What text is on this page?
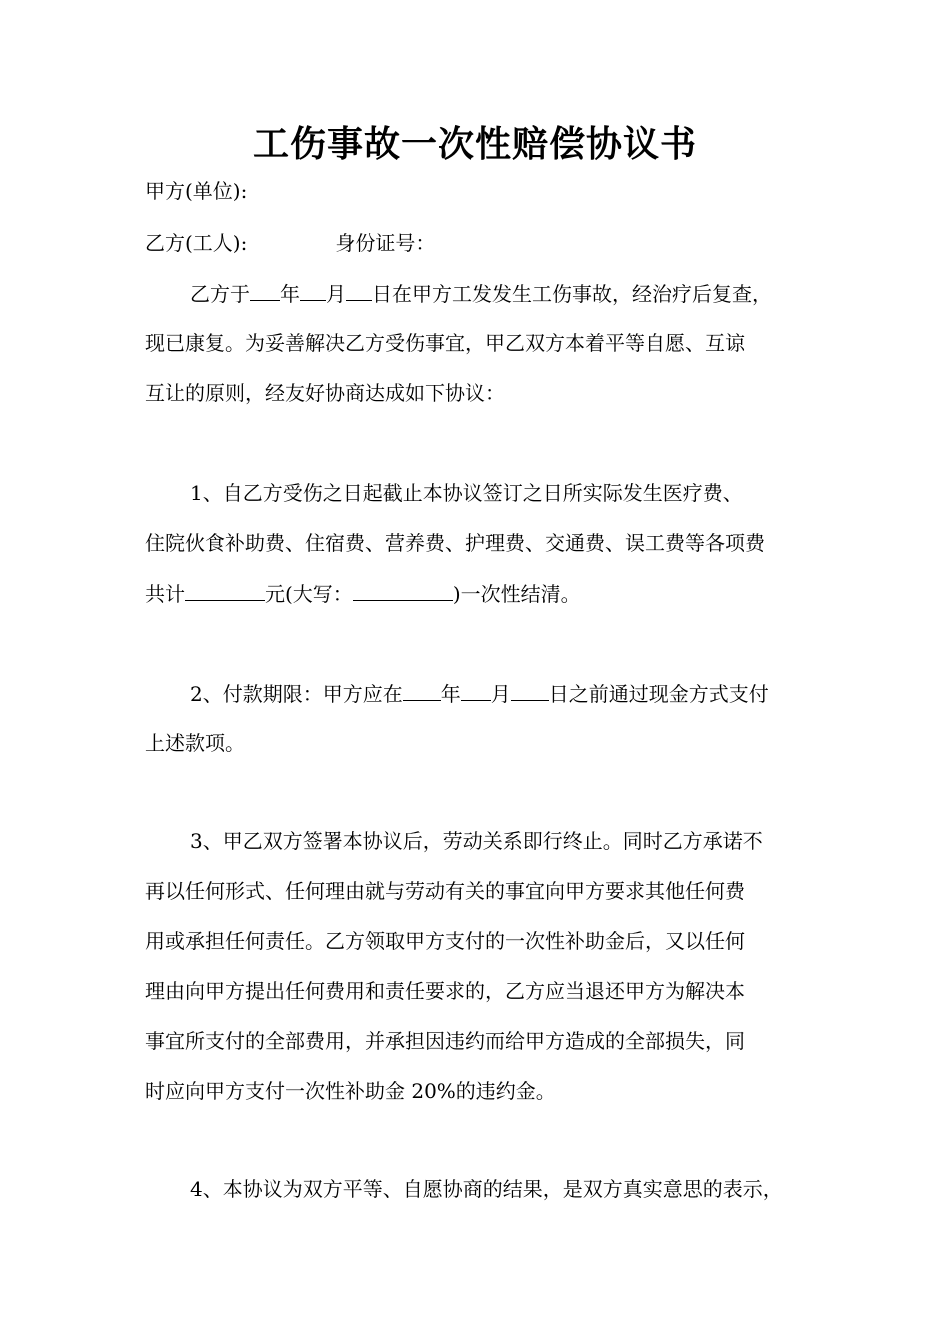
工伤事故一次性赔偿协议书
甲方(单位):
乙方(工人):	身份证号：
乙方于 年 月 日在甲方工发发生工伤事故，经治疗后复查，
现已康复。为妥善解决乙方受伤事宜，甲乙双方本着平等自愿、互谅
互让的原则，经友好协商达成如下协议：
1、自乙方受伤之日起截止本协议签订之日所实际发生医疗费、
住院伙食补助费、住宿费、营养费、护理费、交通费、误工费等各项费
共计	元(大写：	)一次性结清。
2、付款期限：甲方应在 年 月 日之前通过现金方式支付
上述款项。
3、甲乙双方签署本协议后，劳动关系即行终止。同时乙方承诺不
再以任何形式、任何理由就与劳动有关的事宜向甲方要求其他任何费
用或承担任何责任。乙方领取甲方支付的一次性补助金后，又以任何
理由向甲方提出任何费用和责任要求的，乙方应当退还甲方为解决本
事宜所支付的全部费用，并承担因违约而给甲方造成的全部损失，同
时应向甲方支付一次性补助金 20%的违约金。
4、本协议为双方平等、自愿协商的结果，是双方真实意思的表示，
